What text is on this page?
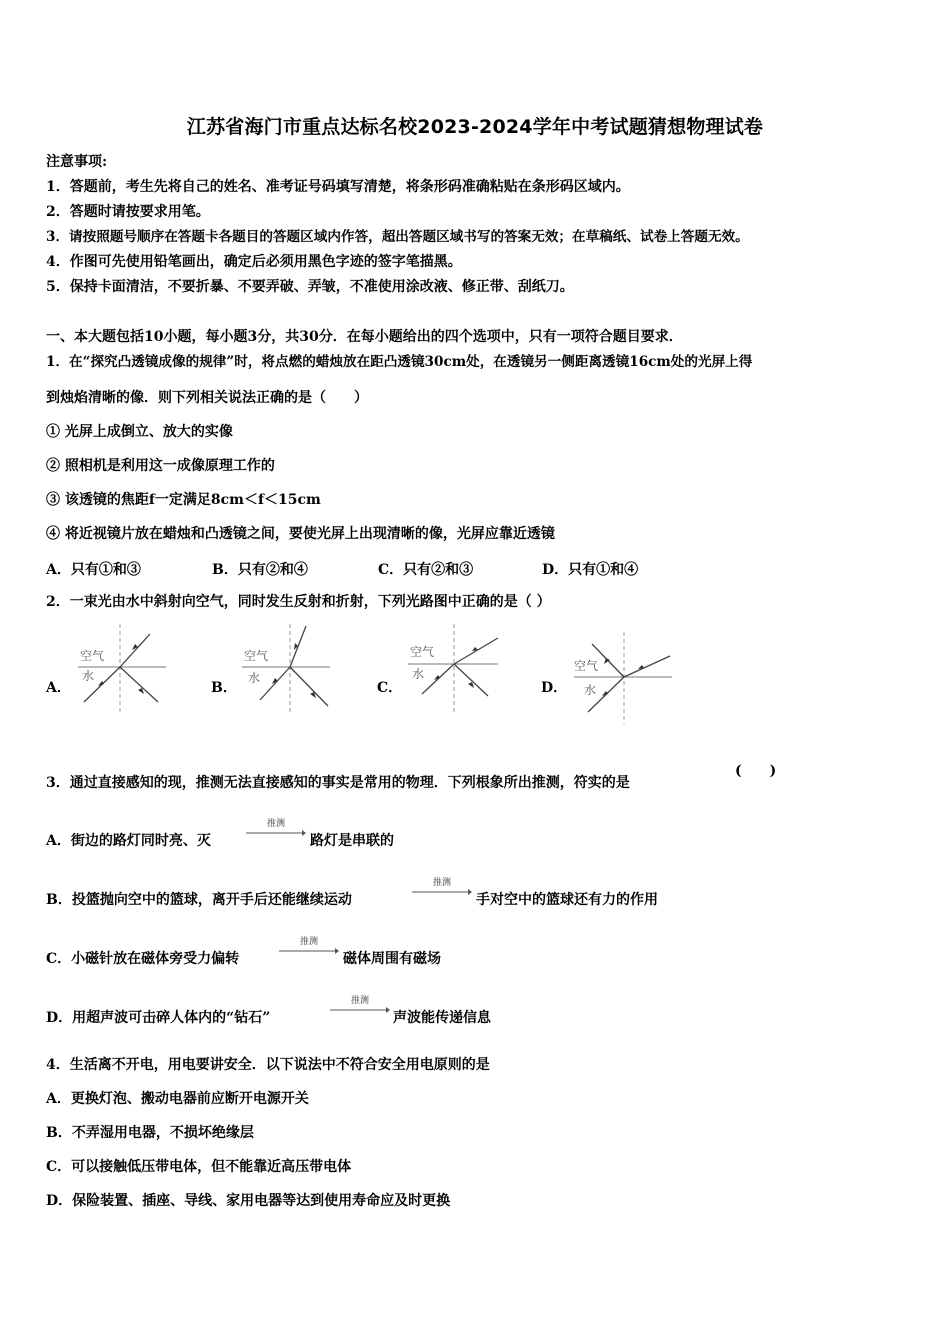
江苏省海门市重点达标名校2023-2024学年中考试题猜想物理试卷
注意事项:
1．答题前，考生先将自己的姓名、准考证号码填写清楚，将条形码准确粘贴在条形码区域内。
2．答题时请按要求用笔。
3．请按照题号顺序在答题卡各题目的答题区域内作答，超出答题区域书写的答案无效；在草稿纸、试卷上答题无效。
4．作图可先使用铅笔画出，确定后必须用黑色字迹的签字笔描黑。
5．保持卡面清洁，不要折暴、不要弄破、弄皱，不准使用涂改液、修正带、刮纸刀。
一、本大题包括10小题，每小题3分，共30分．在每小题给出的四个选项中，只有一项符合题目要求．
1．在“探究凸透镜成像的规律”时，将点燃的蜡烛放在距凸透镜30cm处，在透镜另一侧距离透镜16cm处的光屏上得
到烛焰清晰的像．则下列相关说法正确的是（　　）
① 光屏上成倒立、放大的实像
② 照相机是利用这一成像原理工作的
③ 该透镜的焦距f一定满足8cm＜f＜15cm
④ 将近视镜片放在蜡烛和凸透镜之间，要使光屏上出现清晰的像，光屏应靠近透镜
A．只有①和③	B．只有②和④	C．只有②和③	D．只有①和④
2．一束光由水中斜射向空气，同时发生反射和折射，下列光路图中正确的是（ ）
A．
空气
水
B．
空气
水
C．
空气
水
D．
空气
水
3．通过直接感知的现，推测无法直接感知的事实是常用的物理．下列根象所出推测，符实的是
(　　)
A．街边的路灯同时亮、灭
推测
路灯是串联的
B．投篮抛向空中的篮球，离开手后还能继续运动
推测
手对空中的篮球还有力的作用
C．小磁针放在磁体旁受力偏转
推测
磁体周围有磁场
D．用超声波可击碎人体内的“钻石”
推测
声波能传递信息
4．生活离不开电，用电要讲安全．以下说法中不符合安全用电原则的是
A．更换灯泡、搬动电器前应断开电源开关
B．不弄湿用电器，不损坏绝缘层
C．可以接触低压带电体，但不能靠近高压带电体
D．保险装置、插座、导线、家用电器等达到使用寿命应及时更换
